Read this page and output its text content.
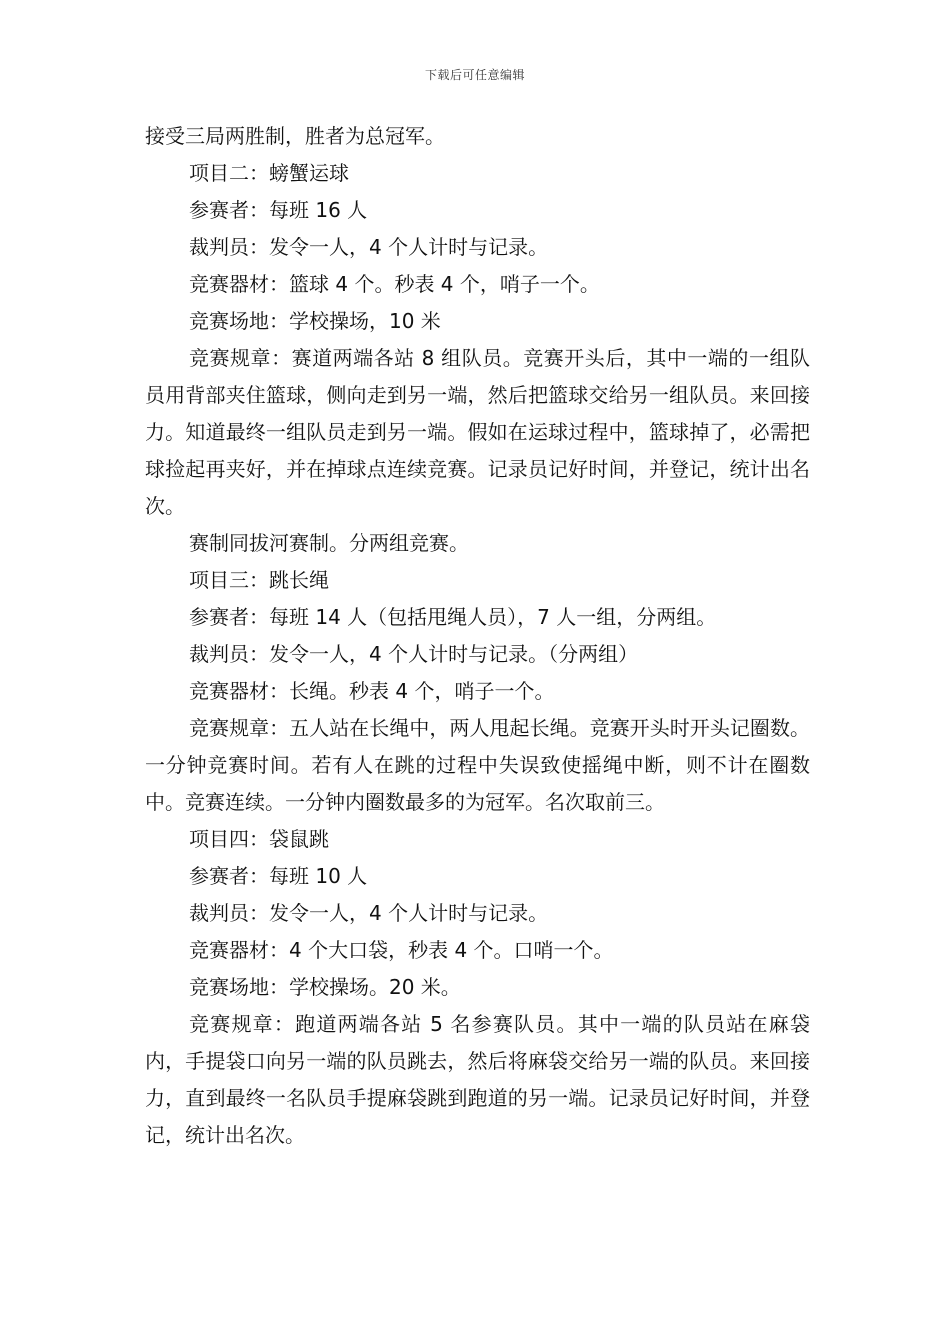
下载后可任意编辑

接受三局两胜制，胜者为总冠军。

项目二：螃蟹运球

参赛者：每班 16 人

裁判员：发令一人，4 个人计时与记录。

竞赛器材：篮球 4 个。秒表 4 个，哨子一个。

竞赛场地：学校操场，10 米

竞赛规章：赛道两端各站 8 组队员。竞赛开头后，其中一端的一组队员用背部夹住篮球，侧向走到另一端，然后把篮球交给另一组队员。来回接力。知道最终一组队员走到另一端。假如在运球过程中，篮球掉了，必需把球捡起再夹好，并在掉球点连续竞赛。记录员记好时间，并登记，统计出名次。

赛制同拔河赛制。分两组竞赛。

项目三：跳长绳

参赛者：每班 14 人（包括甩绳人员），7 人一组，分两组。

裁判员：发令一人，4 个人计时与记录。（分两组）

竞赛器材：长绳。秒表 4 个，哨子一个。

竞赛规章：五人站在长绳中，两人甩起长绳。竞赛开头时开头记圈数。一分钟竞赛时间。若有人在跳的过程中失误致使摇绳中断，则不计在圈数中。竞赛连续。一分钟内圈数最多的为冠军。名次取前三。

项目四：袋鼠跳

参赛者：每班 10 人

裁判员：发令一人，4 个人计时与记录。

竞赛器材：4 个大口袋，秒表 4 个。口哨一个。

竞赛场地：学校操场。20 米。

竞赛规章：跑道两端各站 5 名参赛队员。其中一端的队员站在麻袋内，手提袋口向另一端的队员跳去，然后将麻袋交给另一端的队员。来回接力，直到最终一名队员手提麻袋跳到跑道的另一端。记录员记好时间，并登记，统计出名次。
